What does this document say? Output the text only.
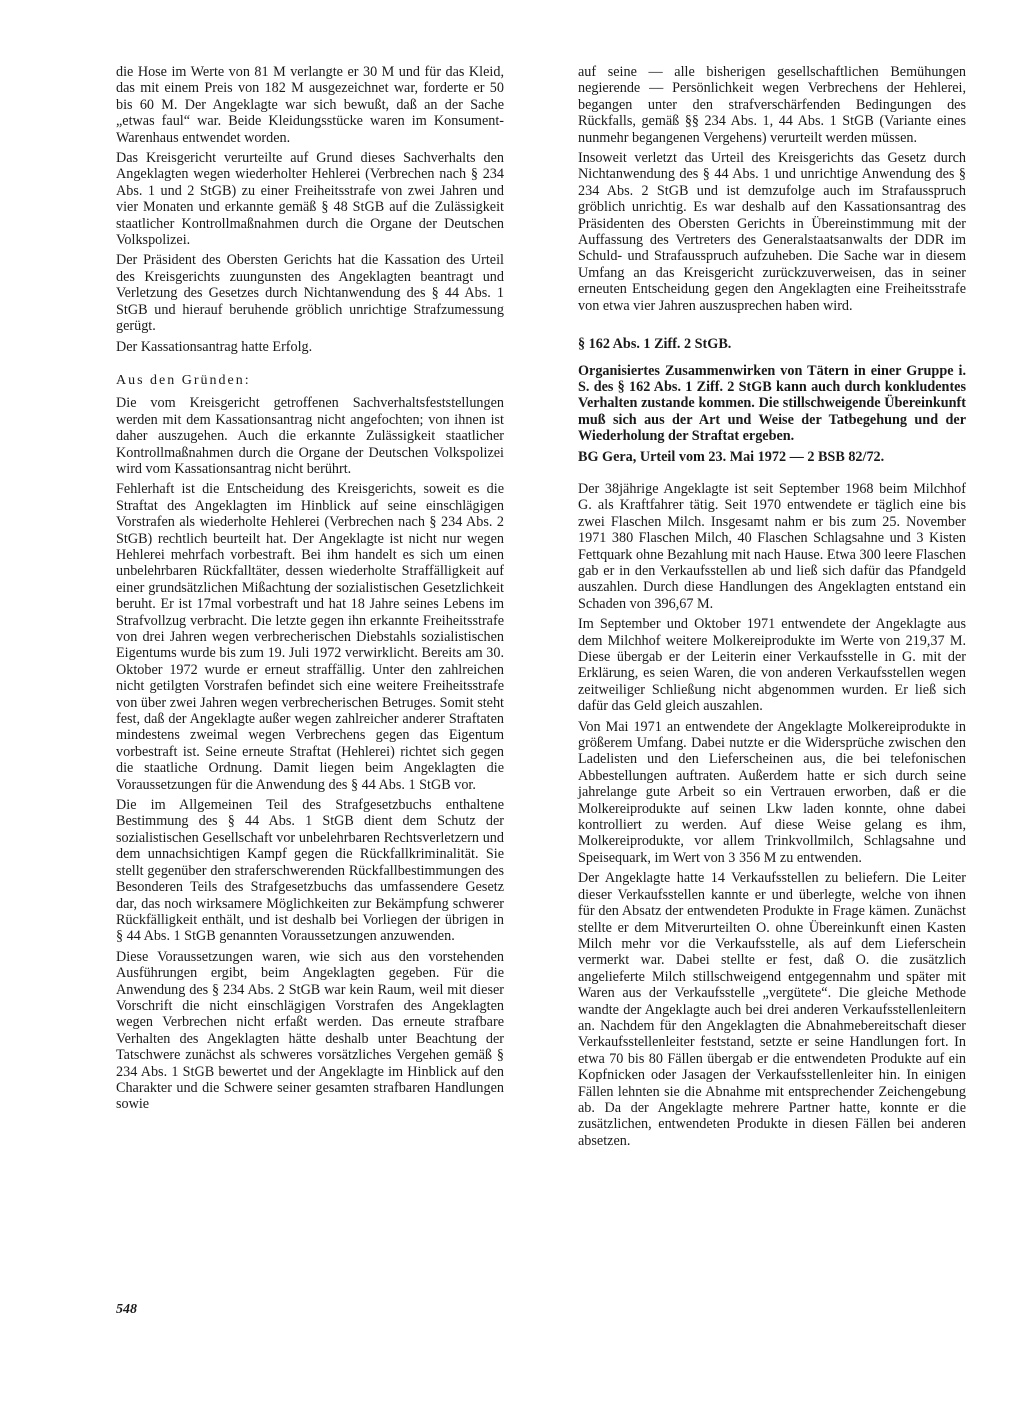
die Hose im Werte von 81 M verlangte er 30 M und für das Kleid, das mit einem Preis von 182 M ausgezeichnet war, forderte er 50 bis 60 M. Der Angeklagte war sich bewußt, daß an der Sache „etwas faul“ war. Beide Kleidungsstücke waren im Konsument-Warenhaus entwendet worden.

Das Kreisgericht verurteilte auf Grund dieses Sachverhalts den Angeklagten wegen wiederholter Hehlerei (Verbrechen nach § 234 Abs. 1 und 2 StGB) zu einer Freiheitsstrafe von zwei Jahren und vier Monaten und erkannte gemäß § 48 StGB auf die Zulässigkeit staatlicher Kontrollmaßnahmen durch die Organe der Deutschen Volkspolizei.

Der Präsident des Obersten Gerichts hat die Kassation des Urteil des Kreisgerichts zuungunsten des Angeklagten beantragt und Verletzung des Gesetzes durch Nichtanwendung des § 44 Abs. 1 StGB und hierauf beruhende gröblich unrichtige Strafzumessung gerügt.

Der Kassationsantrag hatte Erfolg.

Aus den Gründen:

Die vom Kreisgericht getroffenen Sachverhaltsfeststellungen werden mit dem Kassationsantrag nicht angefochten; von ihnen ist daher auszugehen. Auch die erkannte Zulässigkeit staatlicher Kontrollmaßnahmen durch die Organe der Deutschen Volkspolizei wird vom Kassationsantrag nicht berührt.

Fehlerhaft ist die Entscheidung des Kreisgerichts, soweit es die Straftat des Angeklagten im Hinblick auf seine einschlägigen Vorstrafen als wiederholte Hehlerei (Verbrechen nach § 234 Abs. 2 StGB) rechtlich beurteilt hat. Der Angeklagte ist nicht nur wegen Hehlerei mehrfach vorbestraft. Bei ihm handelt es sich um einen unbelehrbaren Rückfalltäter, dessen wiederholte Straffälligkeit auf einer grundsätzlichen Mißachtung der sozialistischen Gesetzlichkeit beruht. Er ist 17mal vorbestraft und hat 18 Jahre seines Lebens im Strafvollzug verbracht. Die letzte gegen ihn erkannte Freiheitsstrafe von drei Jahren wegen verbrecherischen Diebstahls sozialistischen Eigentums wurde bis zum 19. Juli 1972 verwirklicht. Bereits am 30. Oktober 1972 wurde er erneut straffällig. Unter den zahlreichen nicht getilgten Vorstrafen befindet sich eine weitere Freiheitsstrafe von über zwei Jahren wegen verbrecherischen Betruges. Somit steht fest, daß der Angeklagte außer wegen zahlreicher anderer Straftaten mindestens zweimal wegen Verbrechens gegen das Eigentum vorbestraft ist. Seine erneute Straftat (Hehlerei) richtet sich gegen die staatliche Ordnung. Damit liegen beim Angeklagten die Voraussetzungen für die Anwendung des § 44 Abs. 1 StGB vor.

Die im Allgemeinen Teil des Strafgesetzbuchs enthaltene Bestimmung des § 44 Abs. 1 StGB dient dem Schutz der sozialistischen Gesellschaft vor unbelehrbaren Rechtsverletzern und dem unnachsichtigen Kampf gegen die Rückfallkriminalität. Sie stellt gegenüber den straferschwerenden Rückfallbestimmungen des Besonderen Teils des Strafgesetzbuchs das umfassendere Gesetz dar, das noch wirksamere Möglichkeiten zur Bekämpfung schwerer Rückfälligkeit enthält, und ist deshalb bei Vorliegen der übrigen in § 44 Abs. 1 StGB genannten Voraussetzungen anzuwenden.

Diese Voraussetzungen waren, wie sich aus den vorstehenden Ausführungen ergibt, beim Angeklagten gegeben. Für die Anwendung des § 234 Abs. 2 StGB war kein Raum, weil mit dieser Vorschrift die nicht einschlägigen Vorstrafen des Angeklagten wegen Verbrechen nicht erfaßt werden. Das erneute strafbare Verhalten des Angeklagten hätte deshalb unter Beachtung der Tatschwere zunächst als schweres vorsätzliches Vergehen gemäß § 234 Abs. 1 StGB bewertet und der Angeklagte im Hinblick auf den Charakter und die Schwere seiner gesamten strafbaren Handlungen sowie

auf seine — alle bisherigen gesellschaftlichen Bemühungen negierende — Persönlichkeit wegen Verbrechens der Hehlerei, begangen unter den strafverschärfenden Bedingungen des Rückfalls, gemäß §§ 234 Abs. 1, 44 Abs. 1 StGB (Variante eines nunmehr begangenen Vergehens) verurteilt werden müssen.

Insoweit verletzt das Urteil des Kreisgerichts das Gesetz durch Nichtanwendung des § 44 Abs. 1 und unrichtige Anwendung des § 234 Abs. 2 StGB und ist demzufolge auch im Strafausspruch gröblich unrichtig. Es war deshalb auf den Kassationsantrag des Präsidenten des Obersten Gerichts in Übereinstimmung mit der Auffassung des Vertreters des Generalstaatsanwalts der DDR im Schuld- und Strafausspruch aufzuheben. Die Sache war in diesem Umfang an das Kreisgericht zurückzuverweisen, das in seiner erneuten Entscheidung gegen den Angeklagten eine Freiheitsstrafe von etwa vier Jahren auszusprechen haben wird.

§ 162 Abs. 1 Ziff. 2 StGB.

Organisiertes Zusammenwirken von Tätern in einer Gruppe i. S. des § 162 Abs. 1 Ziff. 2 StGB kann auch durch konkludentes Verhalten zustande kommen. Die stillschweigende Übereinkunft muß sich aus der Art und Weise der Tatbegehung und der Wiederholung der Straftat ergeben.

BG Gera, Urteil vom 23. Mai 1972 — 2 BSB 82/72.

Der 38jährige Angeklagte ist seit September 1968 beim Milchhof G. als Kraftfahrer tätig. Seit 1970 entwendete er täglich eine bis zwei Flaschen Milch. Insgesamt nahm er bis zum 25. November 1971 380 Flaschen Milch, 40 Flaschen Schlagsahne und 3 Kisten Fettquark ohne Bezahlung mit nach Hause. Etwa 300 leere Flaschen gab er in den Verkaufsstellen ab und ließ sich dafür das Pfandgeld auszahlen. Durch diese Handlungen des Angeklagten entstand ein Schaden von 396,67 M.

Im September und Oktober 1971 entwendete der Angeklagte aus dem Milchhof weitere Molkereiprodukte im Werte von 219,37 M. Diese übergab er der Leiterin einer Verkaufsstelle in G. mit der Erklärung, es seien Waren, die von anderen Verkaufsstellen wegen zeitweiliger Schließung nicht abgenommen wurden. Er ließ sich dafür das Geld gleich auszahlen.

Von Mai 1971 an entwendete der Angeklagte Molkereiprodukte in größerem Umfang. Dabei nutzte er die Widersprüche zwischen den Ladelisten und den Lieferscheinen aus, die bei telefonischen Abbestellungen auftraten. Außerdem hatte er sich durch seine jahrelange gute Arbeit so ein Vertrauen erworben, daß er die Molkereiprodukte auf seinen Lkw laden konnte, ohne dabei kontrolliert zu werden. Auf diese Weise gelang es ihm, Molkereiprodukte, vor allem Trinkvollmilch, Schlagsahne und Speisequark, im Wert von 3 356 M zu entwenden.

Der Angeklagte hatte 14 Verkaufsstellen zu beliefern. Die Leiter dieser Verkaufsstellen kannte er und überlegte, welche von ihnen für den Absatz der entwendeten Produkte in Frage kämen. Zunächst stellte er dem Mitverurteilten O. ohne Übereinkunft einen Kasten Milch mehr vor die Verkaufsstelle, als auf dem Lieferschein vermerkt war. Dabei stellte er fest, daß O. die zusätzlich angelieferte Milch stillschweigend entgegennahm und später mit Waren aus der Verkaufsstelle „vergütete“. Die gleiche Methode wandte der Angeklagte auch bei drei anderen Verkaufsstellenleitern an. Nachdem für den Angeklagten die Abnahmebereitschaft dieser Verkaufsstellenleiter feststand, setzte er seine Handlungen fort. In etwa 70 bis 80 Fällen übergab er die entwendeten Produkte auf ein Kopfnicken oder Jasagen der Verkaufsstellenleiter hin. In einigen Fällen lehnten sie die Abnahme mit entsprechender Zeichengebung ab. Da der Angeklagte mehrere Partner hatte, konnte er die zusätzlichen, entwendeten Produkte in diesen Fällen bei anderen absetzen.

548
